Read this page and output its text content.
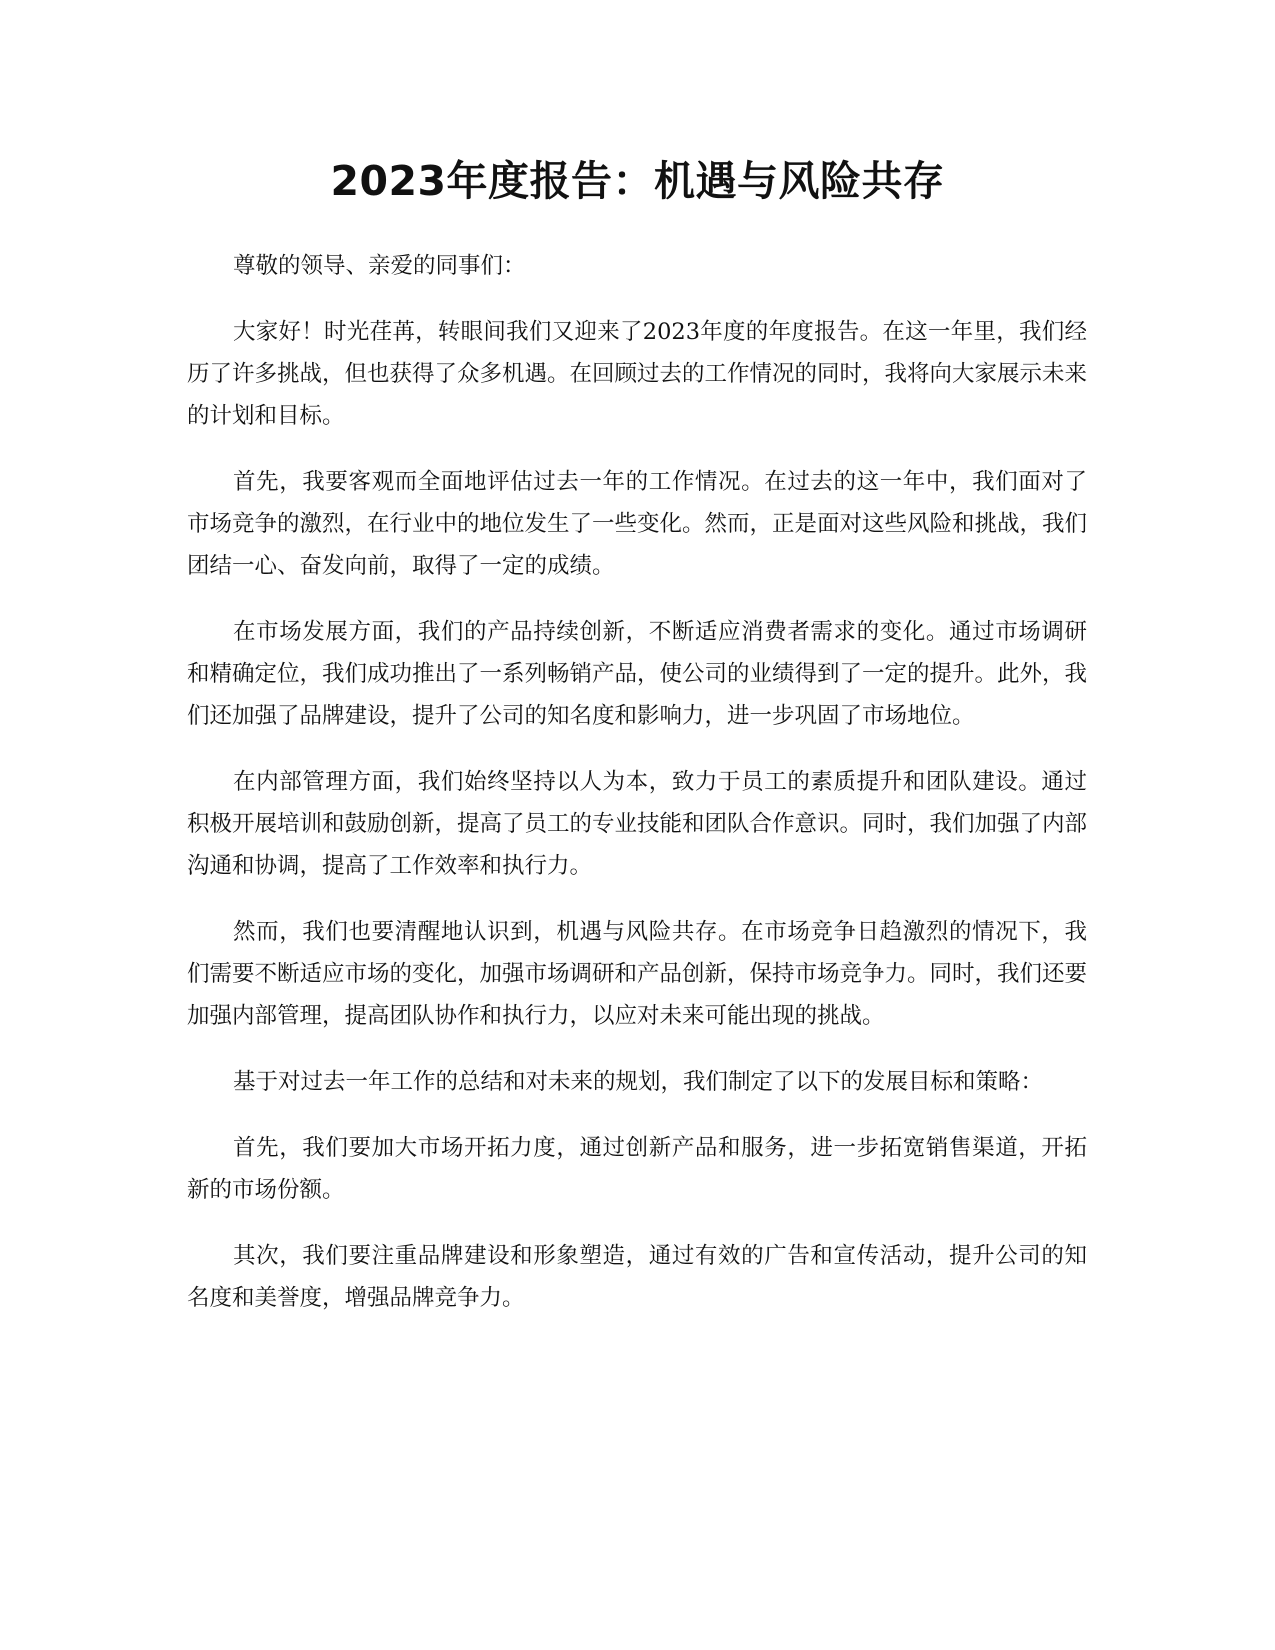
2023年度报告：机遇与风险共存

尊敬的领导、亲爱的同事们：

大家好！时光荏苒，转眼间我们又迎来了2023年度的年度报告。在这一年里，我们经历了许多挑战，但也获得了众多机遇。在回顾过去的工作情况的同时，我将向大家展示未来的计划和目标。

首先，我要客观而全面地评估过去一年的工作情况。在过去的这一年中，我们面对了市场竞争的激烈，在行业中的地位发生了一些变化。然而，正是面对这些风险和挑战，我们团结一心、奋发向前，取得了一定的成绩。

在市场发展方面，我们的产品持续创新，不断适应消费者需求的变化。通过市场调研和精确定位，我们成功推出了一系列畅销产品，使公司的业绩得到了一定的提升。此外，我们还加强了品牌建设，提升了公司的知名度和影响力，进一步巩固了市场地位。

在内部管理方面，我们始终坚持以人为本，致力于员工的素质提升和团队建设。通过积极开展培训和鼓励创新，提高了员工的专业技能和团队合作意识。同时，我们加强了内部沟通和协调，提高了工作效率和执行力。

然而，我们也要清醒地认识到，机遇与风险共存。在市场竞争日趋激烈的情况下，我们需要不断适应市场的变化，加强市场调研和产品创新，保持市场竞争力。同时，我们还要加强内部管理，提高团队协作和执行力，以应对未来可能出现的挑战。

基于对过去一年工作的总结和对未来的规划，我们制定了以下的发展目标和策略：

首先，我们要加大市场开拓力度，通过创新产品和服务，进一步拓宽销售渠道，开拓新的市场份额。

其次，我们要注重品牌建设和形象塑造，通过有效的广告和宣传活动，提升公司的知名度和美誉度，增强品牌竞争力。
